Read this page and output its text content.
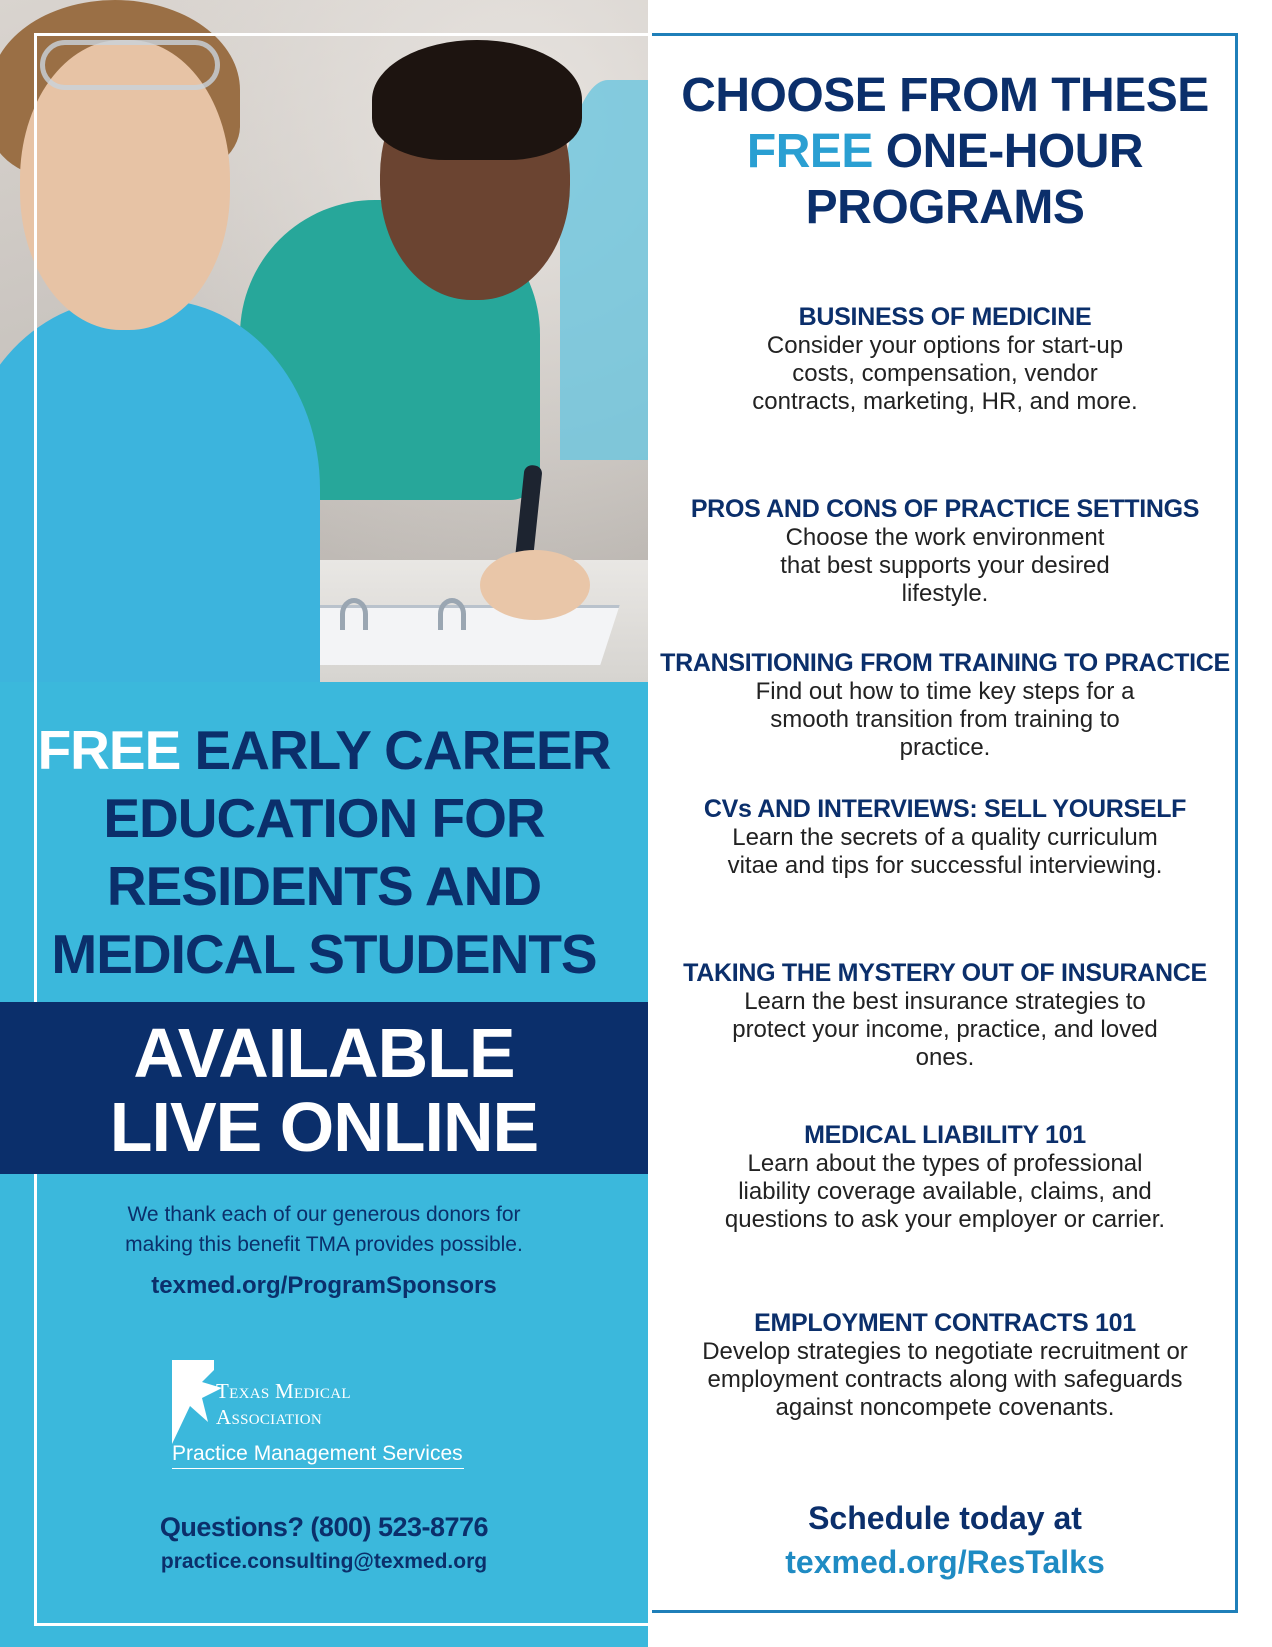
FREE EARLY CAREER
EDUCATION FOR
RESIDENTS AND
MEDICAL STUDENTS
AVAILABLE
LIVE ONLINE
We thank each of our generous donors for
making this benefit TMA provides possible.
texmed.org/ProgramSponsors
Texas Medical
Association
Practice Management Services
Questions? (800) 523-8776
practice.consulting@texmed.org
CHOOSE FROM THESE
FREE ONE-HOUR
PROGRAMS
BUSINESS OF MEDICINE
Consider your options for start-up costs, compensation, vendor contracts, marketing, HR, and more.
PROS AND CONS OF PRACTICE SETTINGS
Choose the work environment that best supports your desired lifestyle.
TRANSITIONING FROM TRAINING TO PRACTICE
Find out how to time key steps for a smooth transition from training to practice.
CVs AND INTERVIEWS: SELL YOURSELF
Learn the secrets of a quality curriculum vitae and tips for successful interviewing.
TAKING THE MYSTERY OUT OF INSURANCE
Learn the best insurance strategies to protect your income, practice, and loved ones.
MEDICAL LIABILITY 101
Learn about the types of professional liability coverage available, claims, and questions to ask your employer or carrier.
EMPLOYMENT CONTRACTS 101
Develop strategies to negotiate recruitment or employment contracts along with safeguards against noncompete covenants.
Schedule today at
texmed.org/ResTalks
